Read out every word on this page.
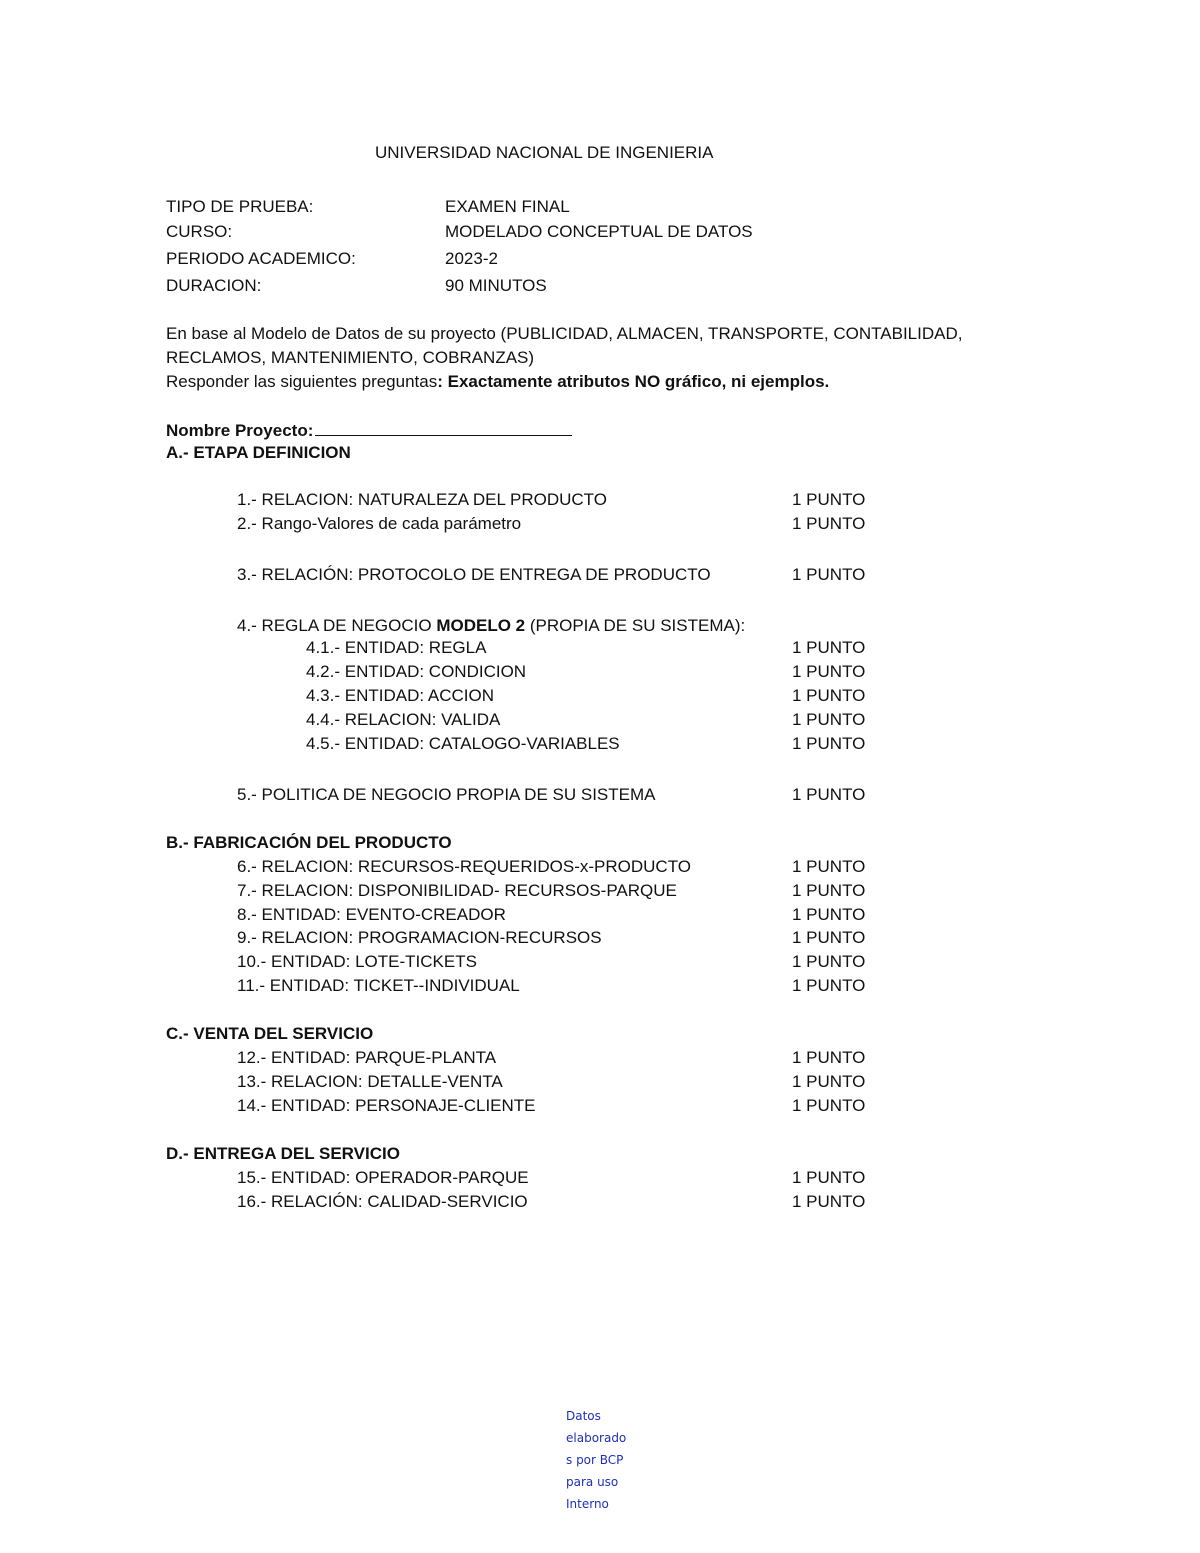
UNIVERSIDAD NACIONAL DE INGENIERIA
TIPO DE PRUEBA:	EXAMEN FINAL
CURSO:	MODELADO CONCEPTUAL DE DATOS
PERIODO ACADEMICO:	2023-2
DURACION:	90 MINUTOS
En base al Modelo de Datos de su proyecto (PUBLICIDAD, ALMACEN, TRANSPORTE, CONTABILIDAD,
RECLAMOS, MANTENIMIENTO, COBRANZAS)
Responder las siguientes preguntas: Exactamente atributos NO gráfico, ni ejemplos.
Nombre Proyecto:
A.- ETAPA DEFINICION
1.- RELACION: NATURALEZA DEL PRODUCTO	1 PUNTO
2.- Rango-Valores de cada parámetro	1 PUNTO
3.- RELACIÓN: PROTOCOLO DE ENTREGA DE PRODUCTO	1 PUNTO
4.- REGLA DE NEGOCIO MODELO 2 (PROPIA DE SU SISTEMA):
4.1.- ENTIDAD: REGLA	1 PUNTO
4.2.- ENTIDAD: CONDICION	1 PUNTO
4.3.- ENTIDAD: ACCION	1 PUNTO
4.4.- RELACION: VALIDA	1 PUNTO
4.5.- ENTIDAD: CATALOGO-VARIABLES	1 PUNTO
5.- POLITICA DE NEGOCIO PROPIA DE SU SISTEMA	1 PUNTO
B.- FABRICACIÓN DEL PRODUCTO
6.- RELACION: RECURSOS-REQUERIDOS-x-PRODUCTO	1 PUNTO
7.- RELACION: DISPONIBILIDAD- RECURSOS-PARQUE	1 PUNTO
8.- ENTIDAD: EVENTO-CREADOR	1 PUNTO
9.- RELACION: PROGRAMACION-RECURSOS	1 PUNTO
10.- ENTIDAD: LOTE-TICKETS	1 PUNTO
11.- ENTIDAD: TICKET--INDIVIDUAL	1 PUNTO
C.- VENTA DEL SERVICIO
12.- ENTIDAD: PARQUE-PLANTA	1 PUNTO
13.- RELACION: DETALLE-VENTA	1 PUNTO
14.- ENTIDAD: PERSONAJE-CLIENTE	1 PUNTO
D.- ENTREGA DEL SERVICIO
15.- ENTIDAD: OPERADOR-PARQUE	1 PUNTO
16.- RELACIÓN: CALIDAD-SERVICIO	1 PUNTO
Datos
elaborado
s por BCP
para uso
Interno
